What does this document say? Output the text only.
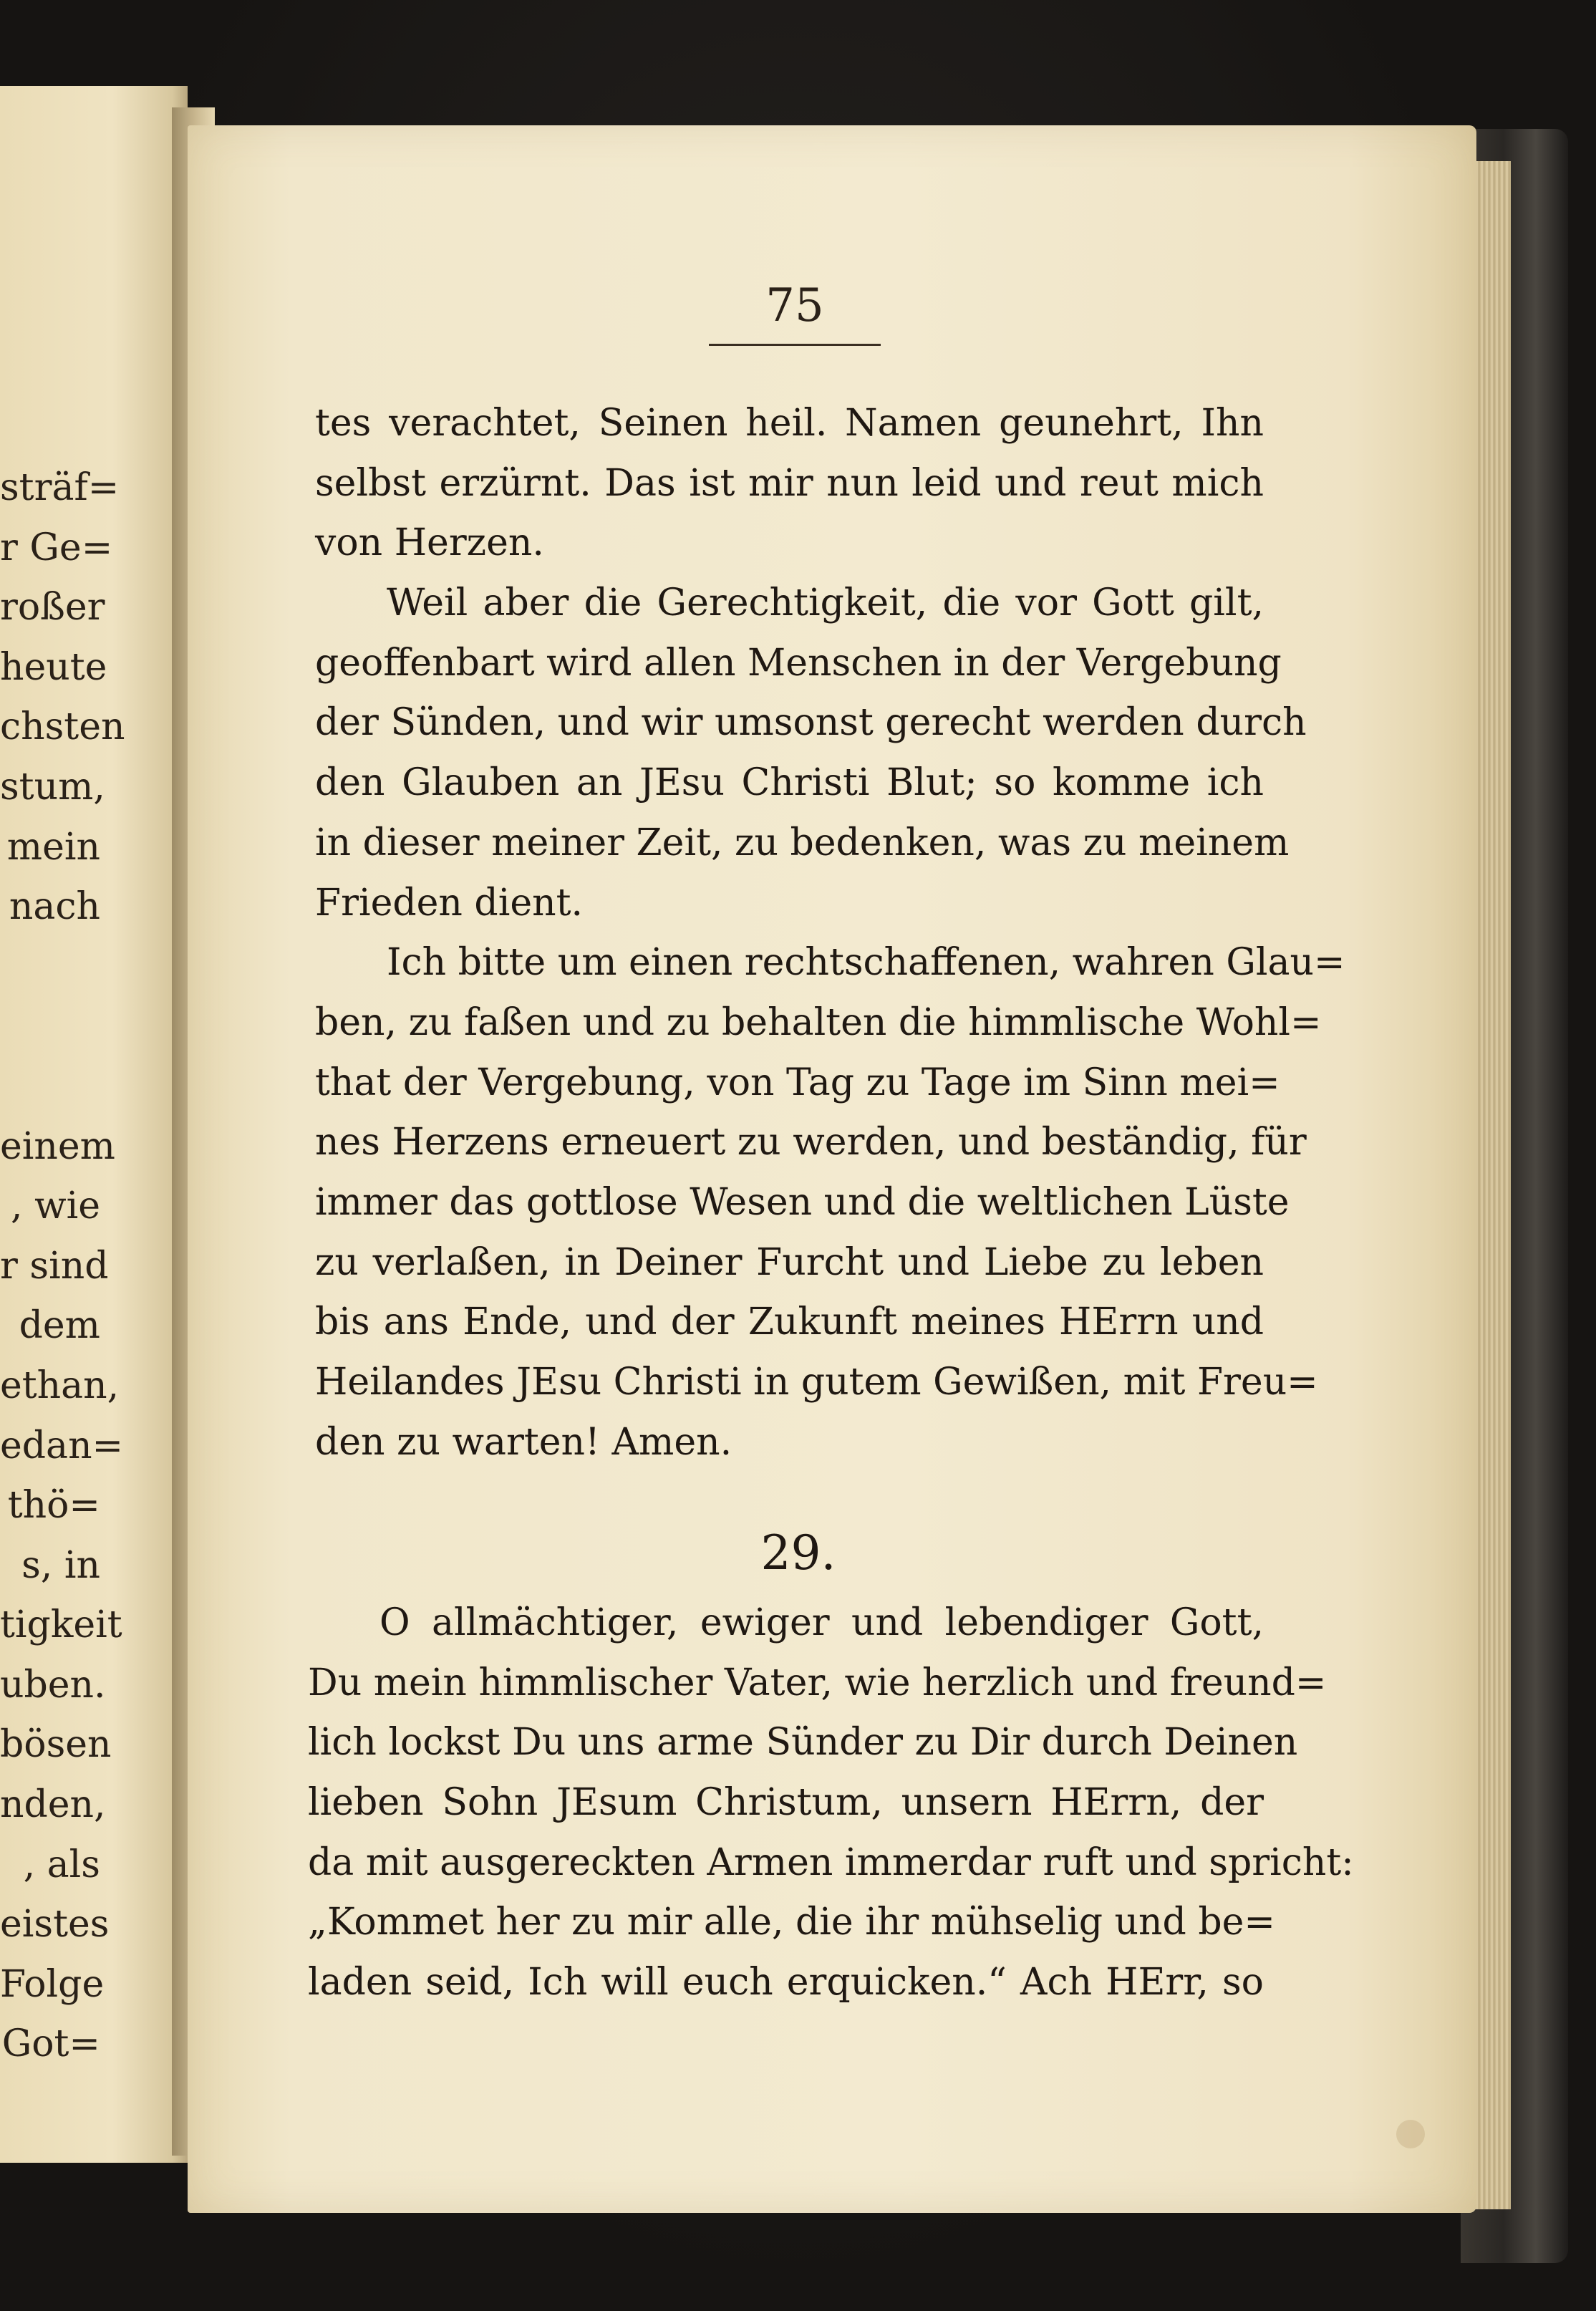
sträf=
r Ge=
roßer
heute
chsten
stum,
mein
nach
einem
, wie
r sind
dem
ethan,
edan=
thö=
s, in
tigkeit
uben.
bösen
nden,
, als
eistes
Folge
Got=
75
tes verachtet, Seinen heil. Namen geunehrt, Ihn
selbst erzürnt. Das ist mir nun leid und reut mich
von Herzen.
Weil aber die Gerechtigkeit, die vor Gott gilt,
geoffenbart wird allen Menschen in der Vergebung
der Sünden, und wir umsonst gerecht werden durch
den Glauben an JEsu Christi Blut; so komme ich
in dieser meiner Zeit, zu bedenken, was zu meinem
Frieden dient.
Ich bitte um einen rechtschaffenen, wahren Glau=
ben, zu faßen und zu behalten die himmlische Wohl=
that der Vergebung, von Tag zu Tage im Sinn mei=
nes Herzens erneuert zu werden, und beständig, für
immer das gottlose Wesen und die weltlichen Lüste
zu verlaßen, in Deiner Furcht und Liebe zu leben
bis ans Ende, und der Zukunft meines HErrn und
Heilandes JEsu Christi in gutem Gewißen, mit Freu=
den zu warten! Amen.
29.
O allmächtiger, ewiger und lebendiger Gott,
Du mein himmlischer Vater, wie herzlich und freund=
lich lockst Du uns arme Sünder zu Dir durch Deinen
lieben Sohn JEsum Christum, unsern HErrn, der
da mit ausgereckten Armen immerdar ruft und spricht:
„Kommet her zu mir alle, die ihr mühselig und be=
laden seid, Ich will euch erquicken.“ Ach HErr, so
